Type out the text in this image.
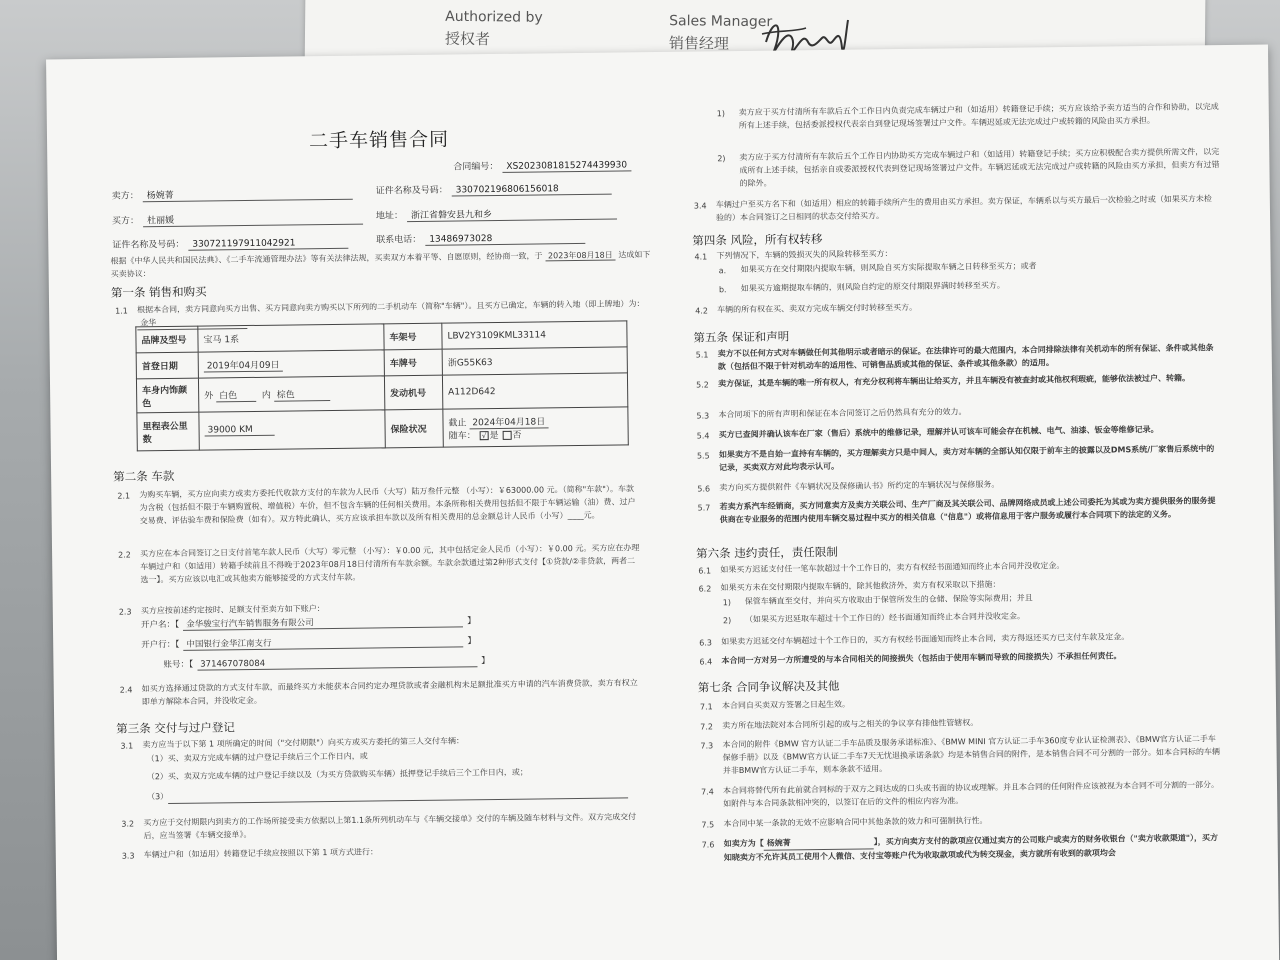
Authorized by
授权者
Sales Manager
销售经理
二手车销售合同
合同编号： XS2023081815274439930
卖方： 杨婉菁	证件名称及号码： 330702196806156018
买方： 杜丽媛	地址： 浙江省磐安县九和乡
证件名称及号码： 330721197911042921	联系电话： 13486973028
根据《中华人民共和国民法典》、《二手车流通管理办法》等有关法律法规，买卖双方本着平等、自愿原则，经协商一致，于 2023年08月18日 达成如下买卖协议：
第一条 销售和购买
1.1 根据本合同，卖方同意向买方出售、买方同意向卖方购买以下所列的二手机动车（简称"车辆"）。且买方已确定，车辆的转入地（即上牌地）为：金华
品牌及型号	宝马 1系	车架号	LBV2Y3109KML33114
首登日期	2019年04月09日	车牌号	浙G55K63
车身内饰颜色	外 白色 内 棕色	发动机号	A112D642
里程表公里数	39000 KM	保险状况	截止 2024年04月18日
随车： √ 是 否
第二条 车款
2.1 为购买车辆，买方应向卖方或卖方委托代收款方支付的车款为人民币（大写）陆万叁仟元整 （小写）：￥63000.00 元。（简称"车款"）。车款为含税（包括但不限于车辆购置税、增值税）车价，但不包含车辆的任何相关费用。本条所称相关费用包括但不限于车辆运输（油）费、过户交易费、评估验车费和保险费（如有）。双方特此确认，买方应该承担车款以及所有相关费用的总金额总计人民币（小写）____元。
2.2 买方应在本合同签订之日支付首笔车款人民币（大写）零元整 （小写）：￥0.00 元，其中包括定金人民币（小写）：￥0.00 元。买方应在办理车辆过户和（如适用）转籍手续前且不得晚于2023年08月18日付清所有车款余额。车款余款通过第2种形式支付【①贷款/②非贷款，两者二选一】。买方应该以电汇或其他卖方能够接受的方式支付车款。
2.3 买方应按前述约定按时、足额支付至卖方如下账户：
开户名：【 金华骏宝行汽车销售服务有限公司	】
开户行：【 中国银行金华江南支行	】
账号：【 371467078084	】
2.4 如买方选择通过贷款的方式支付车款，而最终买方未能获本合同约定办理贷款或者金融机构未足额批准买方申请的汽车消费贷款，卖方有权立即单方解除本合同，并没收定金。
第三条 交付与过户登记
3.1 卖方应当于以下第 1 项所确定的时间（"交付期限"）向买方或买方委托的第三人交付车辆：
（1）买、卖双方完成车辆的过户登记手续后三个工作日内，或
（2）买、卖双方完成车辆的过户登记手续以及（为买方贷款购买车辆）抵押登记手续后三个工作日内，或；
（3）
3.2 买方应于交付期限内到卖方的工作场所接受卖方依据以上第1.1条所列机动车与《车辆交接单》交付的车辆及随车材料与文件。双方完成交付后，应当签署《车辆交接单》。
3.3 车辆过户和（如适用）转籍登记手续应按照以下第 1 项方式进行：
1) 卖方应于买方付清所有车款后五个工作日内负责完成车辆过户和（如适用）转籍登记手续；买方应该给予卖方适当的合作和协助，以完成所有上述手续，包括委派授权代表亲自到登记现场签署过户文件。车辆迟延或无法完成过户或转籍的风险由买方承担。
2) 卖方应于买方付清所有车款后五个工作日内协助买方完成车辆过户和（如适用）转籍登记手续；买方应积极配合卖方提供所需文件，以完成所有上述手续，包括亲自或委派授权代表到登记现场签署过户文件。车辆迟延或无法完成过户或转籍的风险由买方承担，但卖方有过错的除外。
3.4 车辆过户至买方名下和（如适用）相应的转籍手续所产生的费用由买方承担。卖方保证，车辆系以与买方最后一次检验之时或（如果买方未检验的）本合同签订之日相同的状态交付给买方。
第四条 风险，所有权转移
4.1 下列情况下，车辆的毁损灭失的风险转移至买方：
a. 如果买方在交付期限内提取车辆，则风险自买方实际提取车辆之日转移至买方；或者
b. 如果买方逾期提取车辆的，则风险自约定的原交付期限界满时转移至买方。
4.2 车辆的所有权在买、卖双方完成车辆交付时转移至买方。
第五条 保证和声明
5.1 卖方不以任何方式对车辆做任何其他明示或者暗示的保证。在法律许可的最大范围内，本合同排除法律有关机动车的所有保证、条件或其他条款（包括但不限于针对机动车的适用性、可销售品质或其他的保证、条件或其他条款）的适用。
5.2 卖方保证，其是车辆的唯一所有权人，有充分权利将车辆出让给买方，并且车辆没有被查封或其他权利瑕疵，能够依法被过户、转籍。
5.3 本合同项下的所有声明和保证在本合同签订之后仍然具有充分的效力。
5.4 买方已查阅并确认该车在厂家（售后）系统中的维修记录，理解并认可该车可能会存在机械、电气、油漆、钣金等维修记录。
5.5 如果卖方不是自始一直持有车辆的，买方理解卖方只是中间人，卖方对车辆的全部认知仅限于前车主的披露以及DMS系统/厂家售后系统中的记录，买卖双方对此均表示认可。
5.6 卖方向买方提供附件《车辆状况及保修确认书》所约定的车辆状况与保修服务。
5.7 若卖方系汽车经销商，买方同意卖方及卖方关联公司、生产厂商及其关联公司、品牌网络成员或上述公司委托为其或为卖方提供服务的服务提供商在专业服务的范围内使用车辆交易过程中买方的相关信息（"信息"）或将信息用于客户服务或履行本合同项下的法定的义务。
第六条 违约责任，责任限制
6.1 如果买方迟延支付任一笔车款超过十个工作日的，卖方有权经书面通知而终止本合同并没收定金。
6.2 如果买方未在交付期限内提取车辆的，除其他救济外，卖方有权采取以下措施：
1) 保管车辆直至交付，并向买方收取由于保管所发生的仓储、保险等实际费用；并且
2) （如果买方迟延取车超过十个工作日的）经书面通知而终止本合同并没收定金。
6.3 如果卖方迟延交付车辆超过十个工作日的，买方有权经书面通知而终止本合同，卖方得返还买方已支付车款及定金。
6.4 本合同一方对另一方所遭受的与本合同相关的间接损失（包括由于使用车辆而导致的间接损失）不承担任何责任。
第七条 合同争议解决及其他
7.1 本合同自买卖双方签署之日起生效。
7.2 卖方所在地法院对本合同所引起的或与之相关的争议享有排他性管辖权。
7.3 本合同的附件《BMW 官方认证二手车品质及服务承诺标准》、《BMW MINI 官方认证二手车360度专业认证检测表》、《BMW官方认证二手车保修手册》以及《BMW官方认证二手车7天无忧退换承诺条款》均是本销售合同的附件，是本销售合同不可分割的一部分。如本合同标的车辆并非BMW官方认证二手车，则本条款不适用。
7.4 本合同将替代所有此前就合同标的于双方之间达成的口头或书面的协议或理解。并且本合同的任何附件应该被视为本合同不可分割的一部分。如附件与本合同条款相冲突的，以签订在后的文件的相应内容为准。
7.5 本合同中某一条款的无效不应影响合同中其他条款的效力和可强制执行性。
7.6 如卖方为【 杨婉菁	】，买方向卖方支付的款项应仅通过卖方的公司账户或卖方的财务收银台（"卖方收款渠道"），买方知晓卖方不允许其员工使用个人微信、支付宝等账户代为收取款项或代为转交现金，卖方就所有收到的款项均会
